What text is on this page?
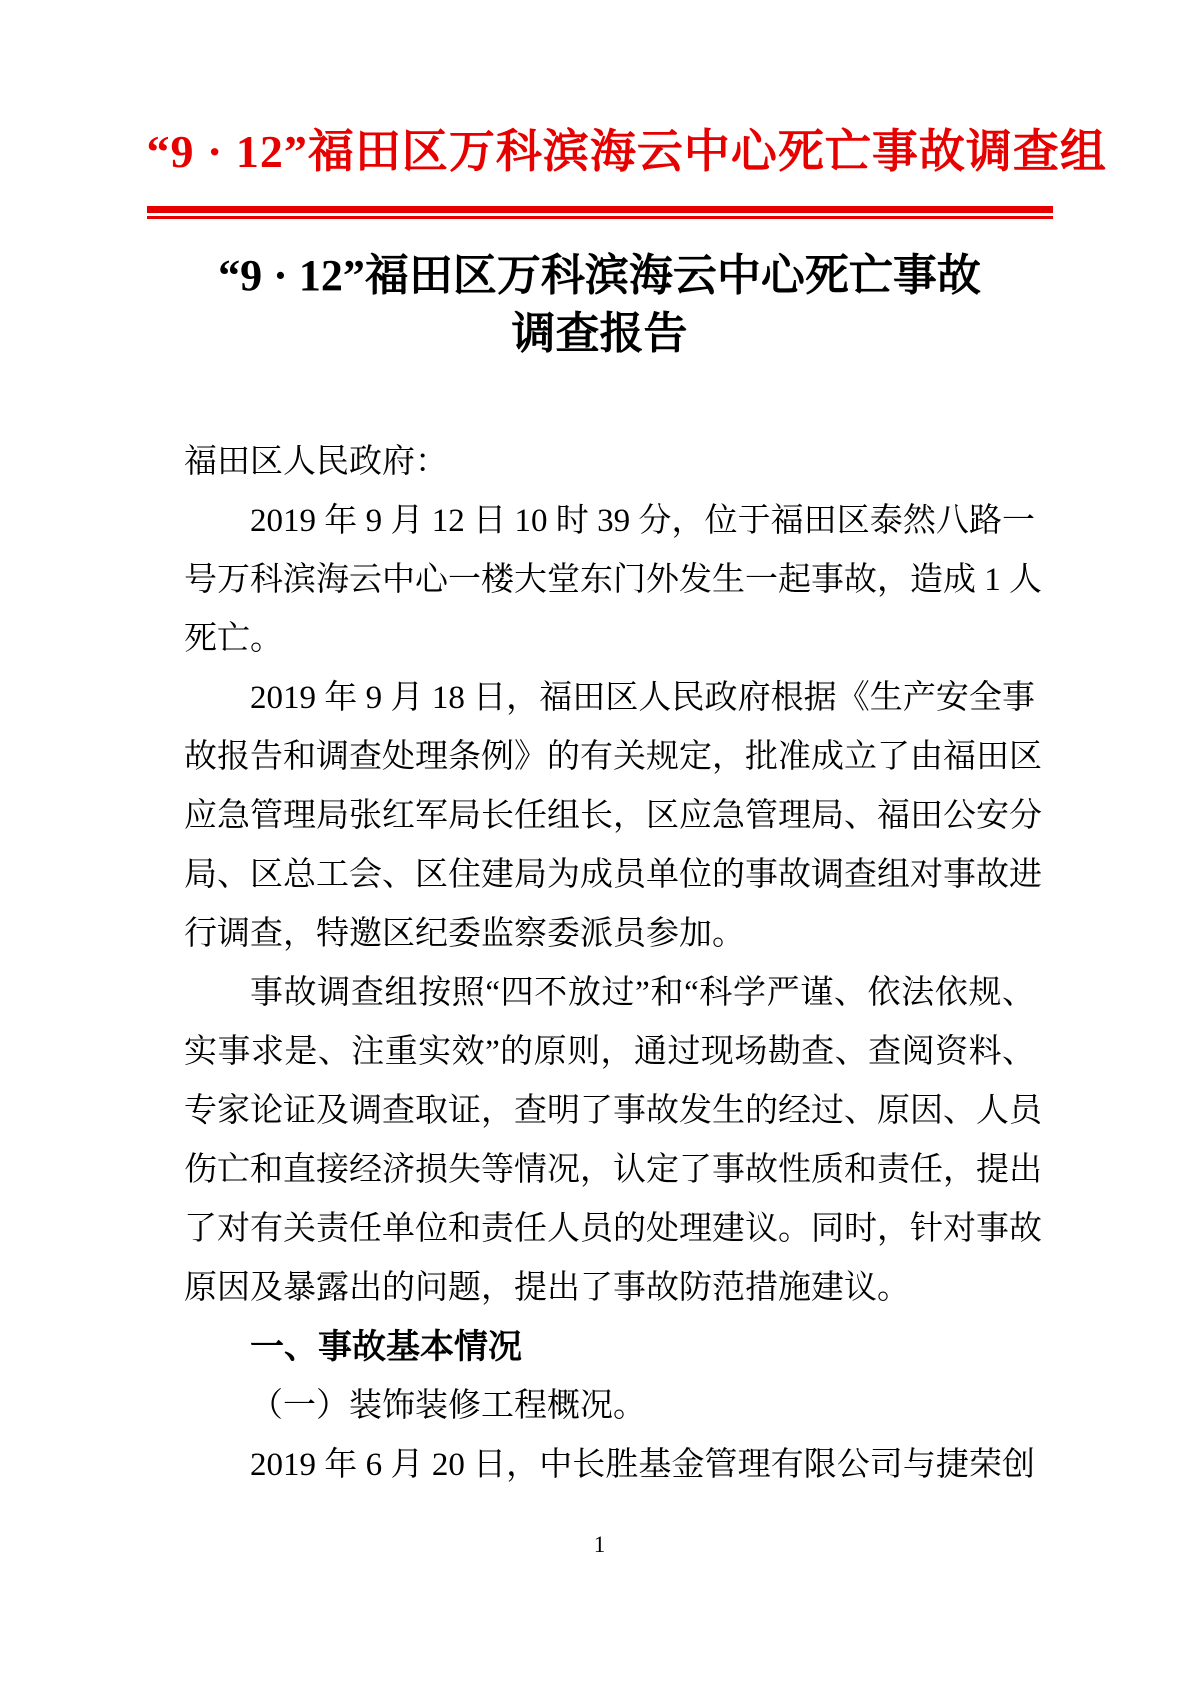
“9 · 12”福田区万科滨海云中心死亡事故调查组
“9 · 12”福田区万科滨海云中心死亡事故
调查报告
福田区人民政府：
2019 年 9 月 12 日 10 时 39 分，位于福田区泰然八路一
号万科滨海云中心一楼大堂东门外发生一起事故，造成 1 人
死亡。
2019 年 9 月 18 日，福田区人民政府根据《生产安全事
故报告和调查处理条例》的有关规定，批准成立了由福田区
应急管理局张红军局长任组长，区应急管理局、福田公安分
局、区总工会、区住建局为成员单位的事故调查组对事故进
行调查，特邀区纪委监察委派员参加。
事故调查组按照“四不放过”和“科学严谨、依法依规、
实事求是、注重实效”的原则，通过现场勘查、查阅资料、
专家论证及调查取证，查明了事故发生的经过、原因、人员
伤亡和直接经济损失等情况，认定了事故性质和责任，提出
了对有关责任单位和责任人员的处理建议。同时，针对事故
原因及暴露出的问题，提出了事故防范措施建议。
一、事故基本情况
（一）装饰装修工程概况。
2019 年 6 月 20 日，中长胜基金管理有限公司与捷荣创
1
